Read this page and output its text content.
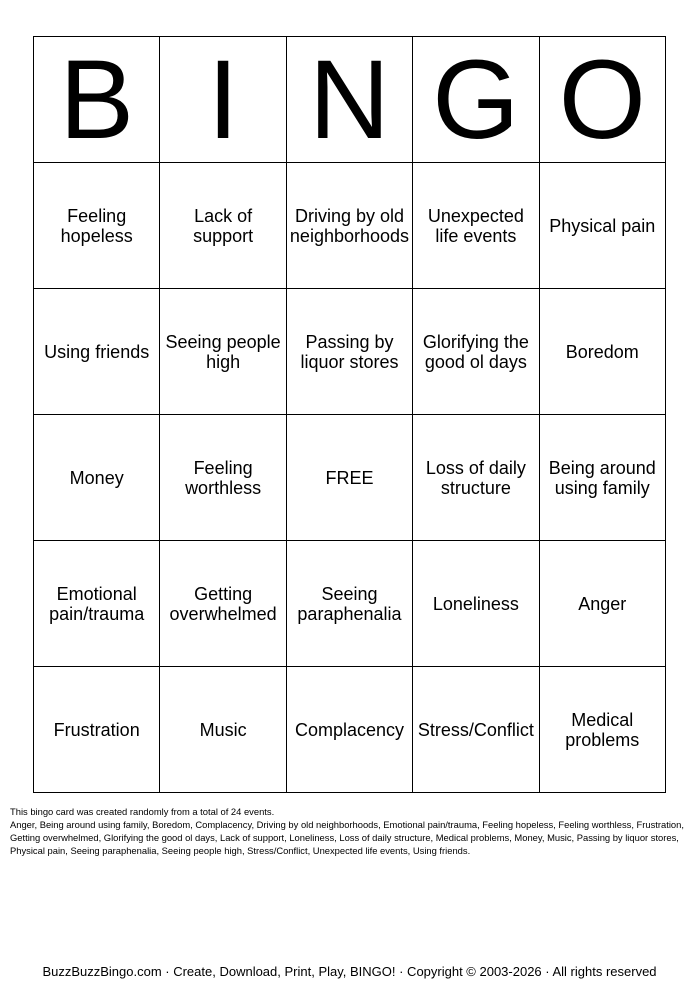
B	I	N	G	O
Feeling hopeless	Lack of support	Driving by old neighborhoods	Unexpected life events	Physical pain
Using friends	Seeing people high	Passing by liquor stores	Glorifying the good ol days	Boredom
Money	Feeling worthless	FREE	Loss of daily structure	Being around using family
Emotional pain/trauma	Getting overwhelmed	Seeing paraphenalia	Loneliness	Anger
Frustration	Music	Complacency	Stress/Conflict	Medical problems

This bingo card was created randomly from a total of 24 events.

Anger, Being around using family, Boredom, Complacency, Driving by old neighborhoods, Emotional pain/trauma, Feeling hopeless, Feeling worthless, Frustration, Getting overwhelmed, Glorifying the good ol days, Lack of support, Loneliness, Loss of daily structure, Medical problems, Money, Music, Passing by liquor stores, Physical pain, Seeing paraphenalia, Seeing people high, Stress/Conflict, Unexpected life events, Using friends.

BuzzBuzzBingo.com · Create, Download, Print, Play, BINGO! · Copyright © 2003-2026 · All rights reserved
